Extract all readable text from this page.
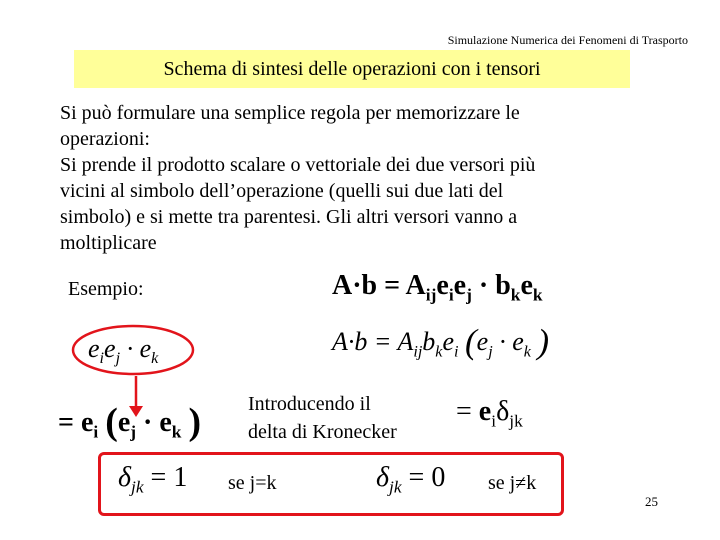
Simulazione Numerica dei Fenomeni di Trasporto
Schema di sintesi delle operazioni con i tensori
Si può formulare una semplice regola per memorizzare le
operazioni:
Si prende il prodotto scalare o vettoriale dei due versori più
vicini al simbolo dell’operazione (quelli sui due lati del
simbolo) e si mette tra parentesi. Gli altri versori vanno a
moltiplicare
Esempio:	$A\cdot b = A_{ij}e_ie_j \cdot b_ke_k$
$A\cdot b = A_{ij}b_ke_i$ ($e_j \cdot e_k$ )
$e_ie_j \cdot e_k$
= $e_i$ ($e_j \cdot e_k$ ) Introducendo il
delta di Kronecker
= $e_i\delta_{jk}$
$\delta_{jk} = 1$ se j=k	$\delta_{jk} = 0$ se j≠k
25
